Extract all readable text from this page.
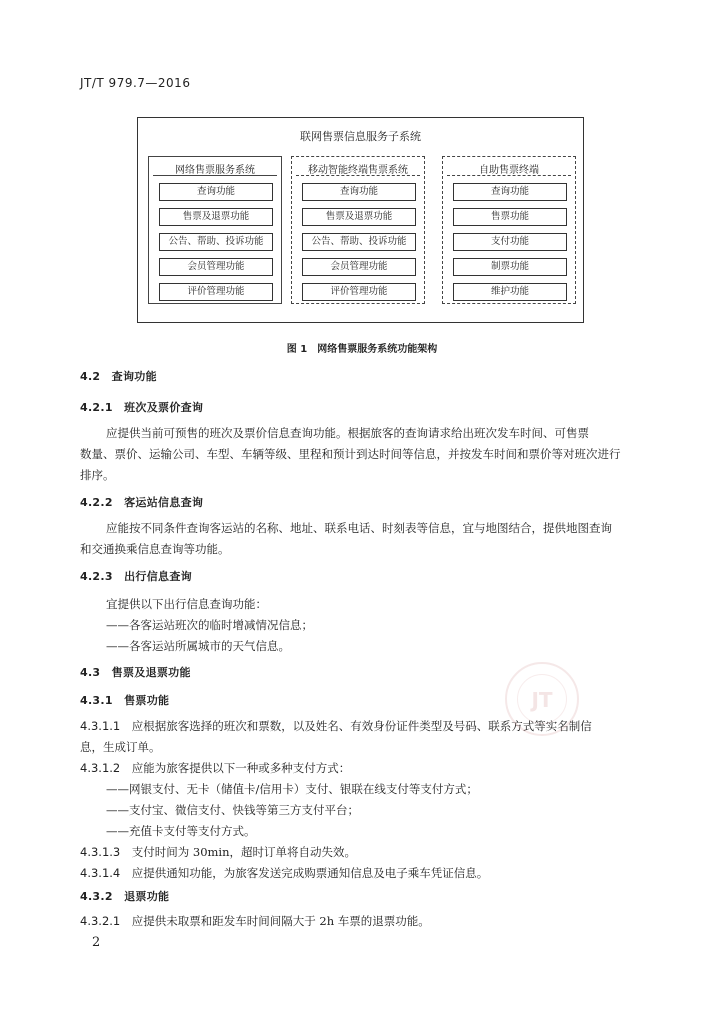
JT/T 979.7—2016
联网售票信息服务子系统
网络售票服务系统
查询功能
售票及退票功能
公告、帮助、投诉功能
会员管理功能
评价管理功能
移动智能终端售票系统
查询功能
售票及退票功能
公告、帮助、投诉功能
会员管理功能
评价管理功能
自助售票终端
查询功能
售票功能
支付功能
制票功能
维护功能
图 1　网络售票服务系统功能架构
4.2　查询功能
4.2.1　班次及票价查询
应提供当前可预售的班次及票价信息查询功能。根据旅客的查询请求给出班次发车时间、可售票
数量、票价、运输公司、车型、车辆等级、里程和预计到达时间等信息，并按发车时间和票价等对班次进行
排序。
4.2.2　客运站信息查询
应能按不同条件查询客运站的名称、地址、联系电话、时刻表等信息，宜与地图结合，提供地图查询
和交通换乘信息查询等功能。
4.2.3　出行信息查询
宜提供以下出行信息查询功能：
——各客运站班次的临时增减情况信息；
——各客运站所属城市的天气信息。
4.3　售票及退票功能
4.3.1　售票功能
4.3.1.1　 应根据旅客选择的班次和票数，以及姓名、有效身份证件类型及号码、联系方式等实名制信
息，生成订单。
4.3.1.2　 应能为旅客提供以下一种或多种支付方式：
——网银支付、无卡（储值卡/信用卡）支付、银联在线支付等支付方式；
——支付宝、微信支付、快钱等第三方支付平台；
——充值卡支付等支付方式。
4.3.1.3　 支付时间为 30min，超时订单将自动失效。
4.3.1.4　 应提供通知功能，为旅客发送完成购票通知信息及电子乘车凭证信息。
4.3.2　退票功能
4.3.2.1　 应提供未取票和距发车时间间隔大于 2h 车票的退票功能。
JT
2
